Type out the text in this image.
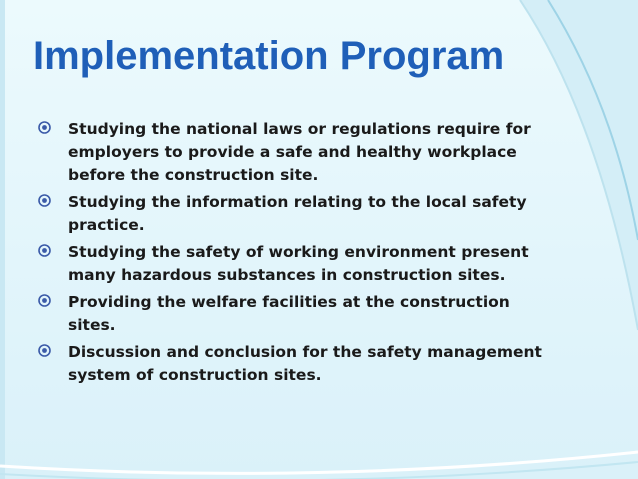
Implementation Program
Studying the national laws or regulations require for employers to provide a safe and healthy workplace before the construction site.
Studying the information relating to the local safety practice.
Studying the safety of working environment present many hazardous substances in construction sites.
Providing the welfare facilities at the construction sites.
Discussion and conclusion for the safety management system of construction sites.
